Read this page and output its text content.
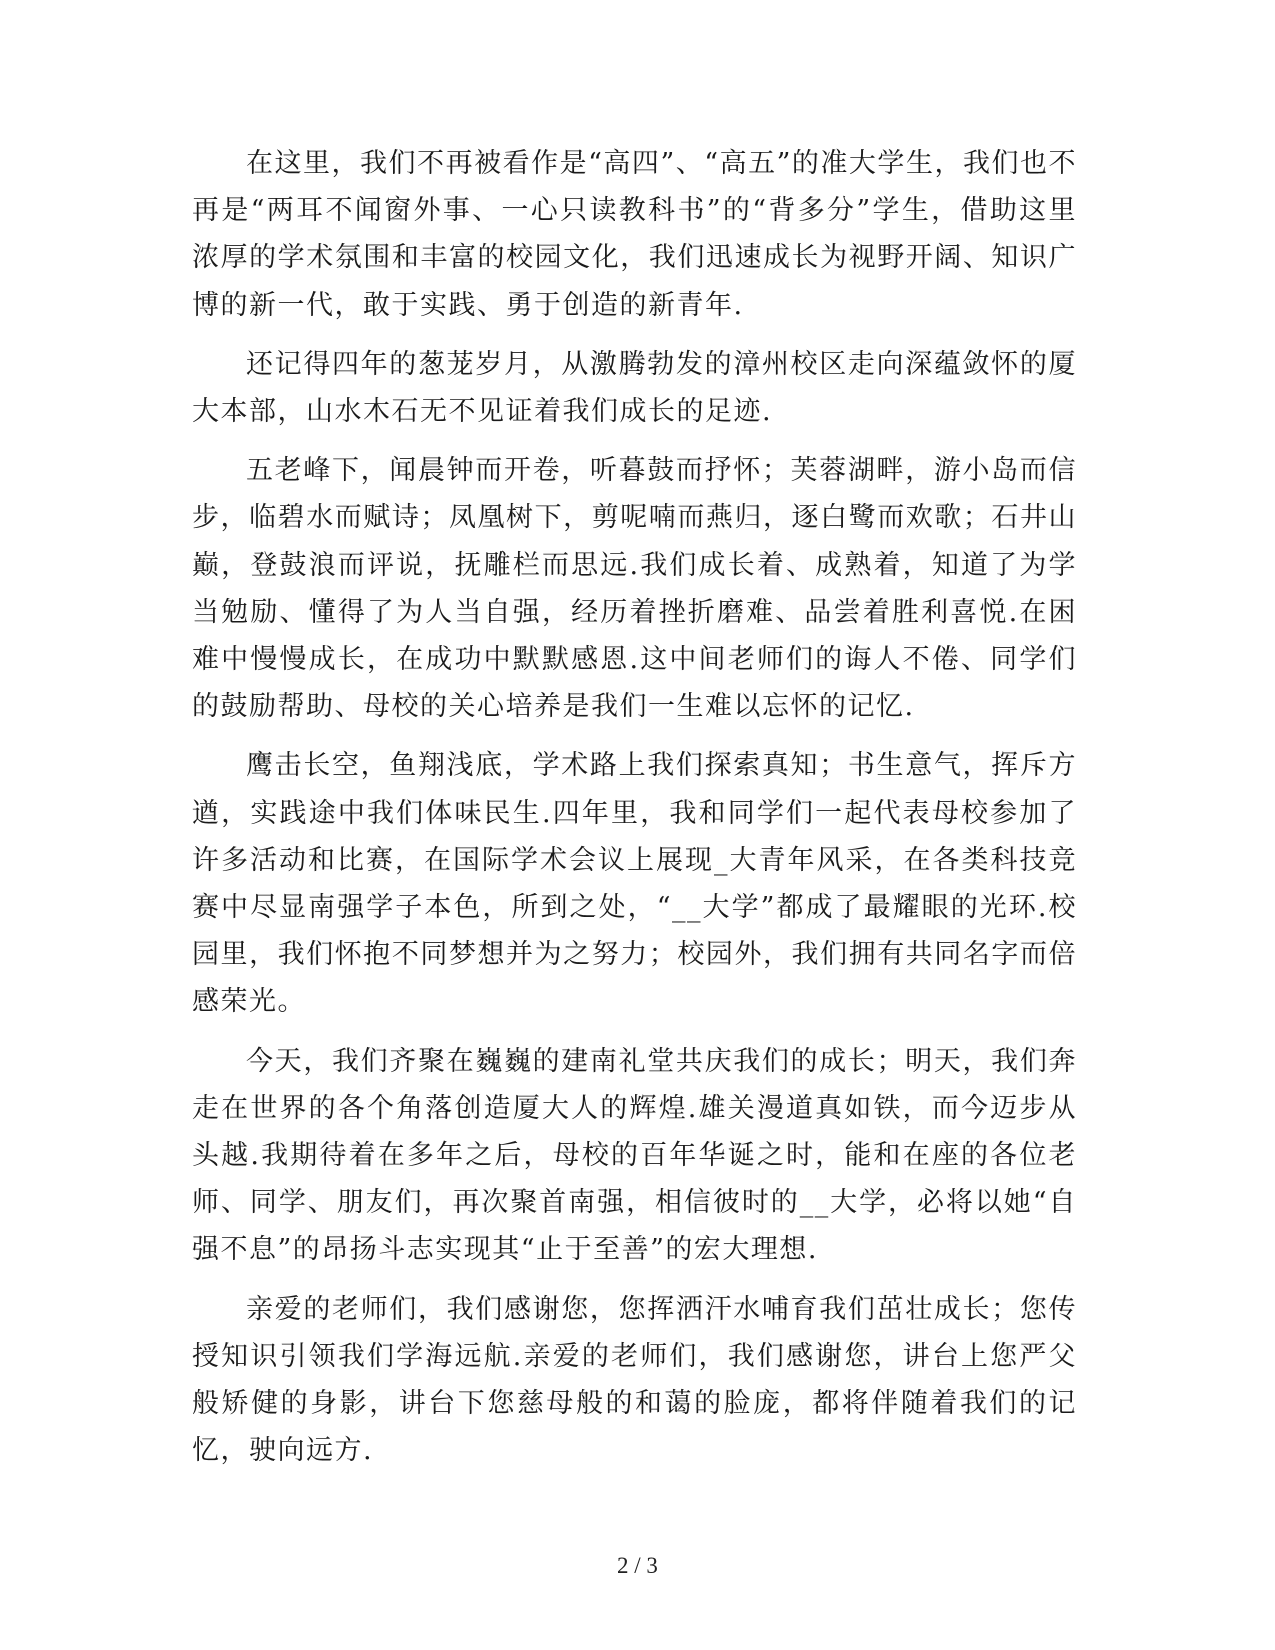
在这里，我们不再被看作是“高四”、“高五”的准大学生，我们也不再是“两耳不闻窗外事、一心只读教科书”的“背多分”学生，借助这里浓厚的学术氛围和丰富的校园文化，我们迅速成长为视野开阔、知识广博的新一代，敢于实践、勇于创造的新青年.

还记得四年的葱茏岁月，从激腾勃发的漳州校区走向深蕴敛怀的厦大本部，山水木石无不见证着我们成长的足迹.

五老峰下，闻晨钟而开卷，听暮鼓而抒怀；芙蓉湖畔，游小岛而信步，临碧水而赋诗；凤凰树下，剪呢喃而燕归，逐白鹭而欢歌；石井山巅，登鼓浪而评说，抚雕栏而思远.我们成长着、成熟着，知道了为学当勉励、懂得了为人当自强，经历着挫折磨难、品尝着胜利喜悦.在困难中慢慢成长，在成功中默默感恩.这中间老师们的诲人不倦、同学们的鼓励帮助、母校的关心培养是我们一生难以忘怀的记忆.

鹰击长空，鱼翔浅底，学术路上我们探索真知；书生意气，挥斥方遒，实践途中我们体味民生.四年里，我和同学们一起代表母校参加了许多活动和比赛，在国际学术会议上展现_大青年风采，在各类科技竞赛中尽显南强学子本色，所到之处，“__大学”都成了最耀眼的光环.校园里，我们怀抱不同梦想并为之努力；校园外，我们拥有共同名字而倍感荣光。

今天，我们齐聚在巍巍的建南礼堂共庆我们的成长；明天，我们奔走在世界的各个角落创造厦大人的辉煌.雄关漫道真如铁，而今迈步从头越.我期待着在多年之后，母校的百年华诞之时，能和在座的各位老师、同学、朋友们，再次聚首南强，相信彼时的__大学，必将以她“自强不息”的昂扬斗志实现其“止于至善”的宏大理想.

亲爱的老师们，我们感谢您，您挥洒汗水哺育我们茁壮成长；您传授知识引领我们学海远航.亲爱的老师们，我们感谢您，讲台上您严父般矫健的身影，讲台下您慈母般的和蔼的脸庞，都将伴随着我们的记忆，驶向远方.

2 / 3
